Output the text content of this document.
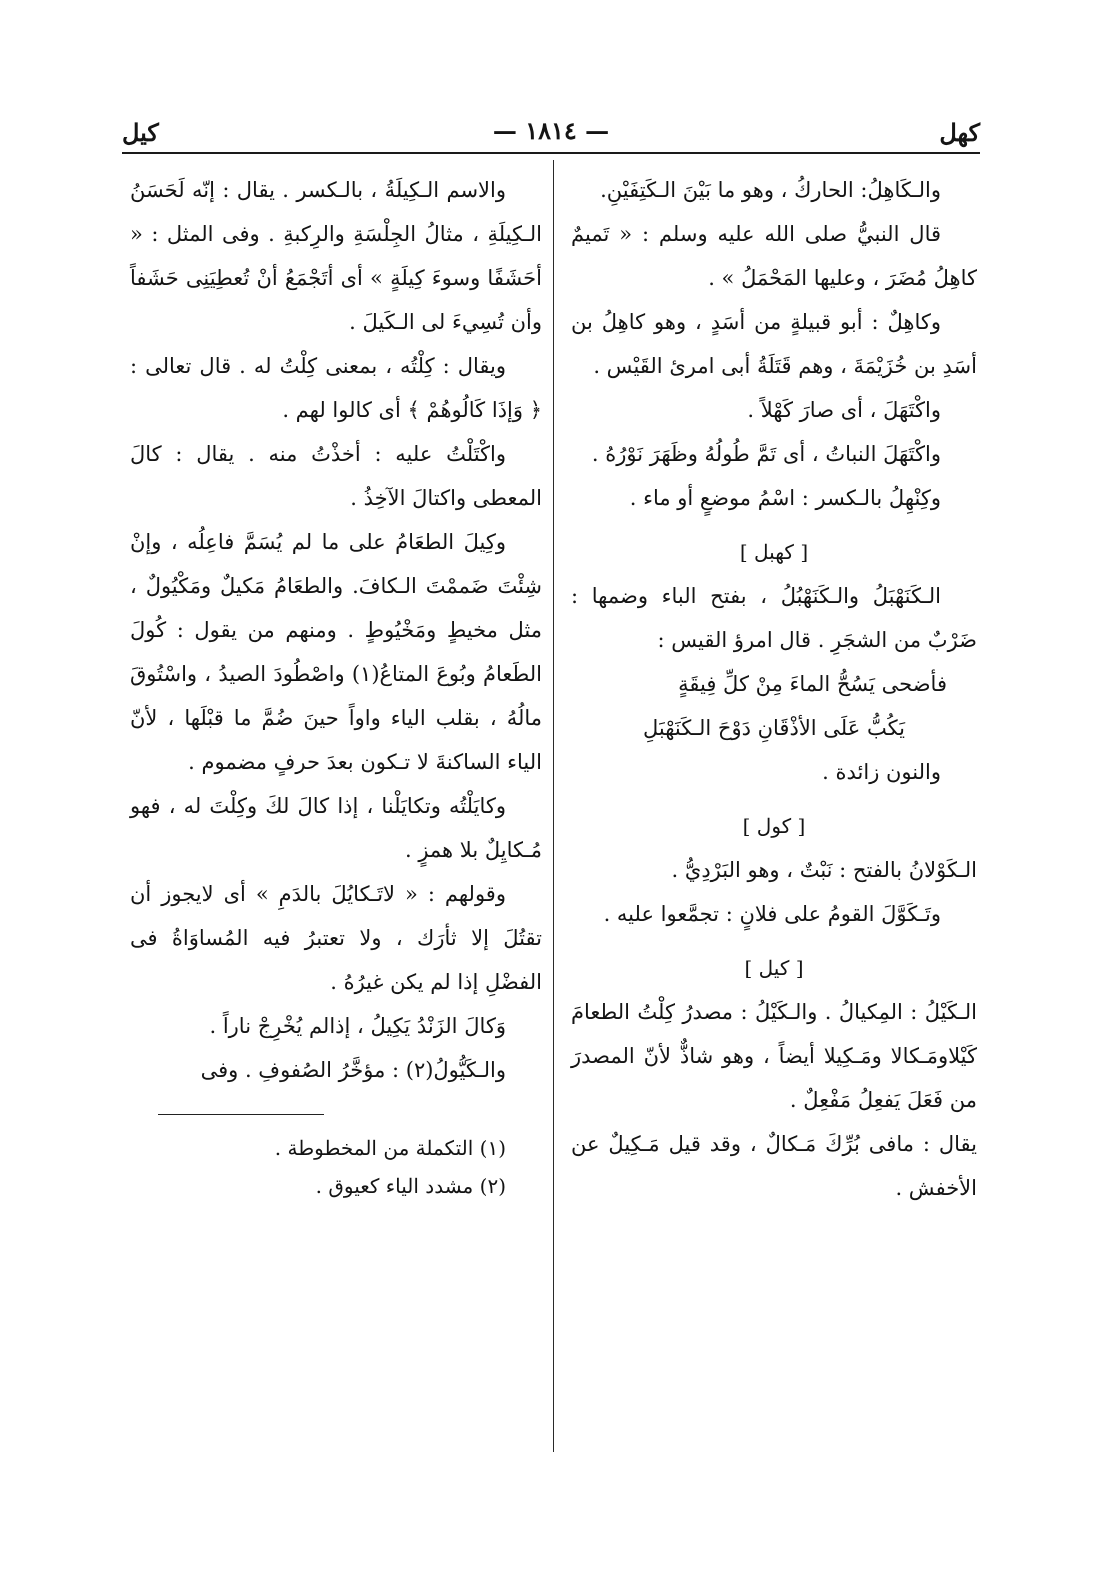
كهل
— ١٨١٤ —
كيل

والـكَاهِلُ: الحاركُ ، وهو ما بَيْنَ الـكَتِفَيْنِ.

قال النبيُّ صلى الله عليه وسلم : « تَميمٌ كاهِلُ مُضَرَ ، وعليها المَحْمَلُ » .

وكاهِلٌ : أبو قبيلةٍ من أسَدٍ ، وهو كاهِلُ بن أسَدِ بن خُزَيْمَةَ ، وهم قَتَلَةُ أبى امرئ القَيْس .

واكْتَهَلَ ، أى صارَ كَهْلاً .

واكْتَهَلَ النباتُ ، أى تَمَّ طُولُهُ وظَهَرَ نَوْرُهُ .

وكِنْهِلُ بالـكسر : اسْمُ موضعٍ أو ماء .

[ كهبل ]

الـكَنَهْبَلُ والـكَنَهْبُلُ ، بفتح الباء وضمها : ضَرْبٌ من الشجَرِ . قال امرؤ القيس :

فأضحى يَسُحُّ الماءَ مِنْ كلِّ فِيقَةٍ

يَكُبُّ عَلَى الأذْقَانِ دَوْحَ الـكَنَهْبَلِ

والنون زائدة .

[ كول ]

الـكَوْلانُ بالفتح : نَبْتٌ ، وهو البَرْدِيُّ .

وتَـكَوَّلَ القومُ على فلانٍ : تجمَّعوا عليه .

[ كيل ]

الـكَيْلُ : المِكيالُ . والـكَيْلُ : مصدرُ كِلْتُ الطعامَ كَيْلاومَـكالا ومَـكِيلا أيضاً ، وهو شاذٌّ لأنّ المصدرَ من فَعَلَ يَفعِلُ مَفْعِلٌ .

يقال : مافى بُرِّكَ مَـكالٌ ، وقد قيل مَـكِيلٌ عن الأخفش .

والاسم الـكِيلَةُ ، بالـكسر . يقال : إنّه لَحَسَنُ الـكِيلَةِ ، مثالُ الجِلْسَةِ والرِكبةِ . وفى المثل : « أحَشَفًا وسوءَ كِيلَةٍ » أى أتَجْمَعُ أنْ تُعطِيَنِى حَشَفاً وأن تُسِيءَ لى الـكَيلَ .

ويقال : كِلْتُه ، بمعنى كِلْتُ له . قال تعالى : ﴿ وَإذَا كَالُوهُمْ ﴾ أى كالوا لهم .

واكْتَلْتُ عليه : أخذْتُ منه . يقال : كالَ المعطى واكتالَ الآخِذُ .

وكِيلَ الطعَامُ على ما لم يُسَمَّ فاعِلُه ، وإنْ شِئْتَ ضَممْتَ الـكافَ. والطعَامُ مَكيلٌ ومَكْيُولٌ ، مثل مخيطٍ ومَخْيُوطٍ . ومنهم من يقول : كُولَ الطَعامُ وبُوعَ المتاعُ(١) واصْطُودَ الصيدُ ، واسْتُوقَ مالُهُ ، بقلب الياء واواً حينَ ضُمَّ ما قبْلَها ، لأنّ الياء الساكنةَ لا تـكون بعدَ حرفٍ مضموم .

وكايَلْتُه وتكايَلْنا ، إذا كالَ لكَ وكِلْتَ له ، فهو مُـكايِلٌ بلا همزٍ .

وقولهم : « لاتَـكايُلَ بالدَمِ » أى لايجوز أن تقتُلَ إلا ثأرَك ، ولا تعتبرُ فيه المُساوَاةُ فى الفضْلِ إذا لم يكن غيرُهُ .

وَكالَ الزَنْدُ يَكِيلُ ، إذالم يُخْرِجْ ناراً .

والـكَيُّولُ(٢) : مؤخَّرُ الصُفوفِ . وفى

(١) التكملة من المخطوطة .

(٢) مشدد الياء كعيوق .
